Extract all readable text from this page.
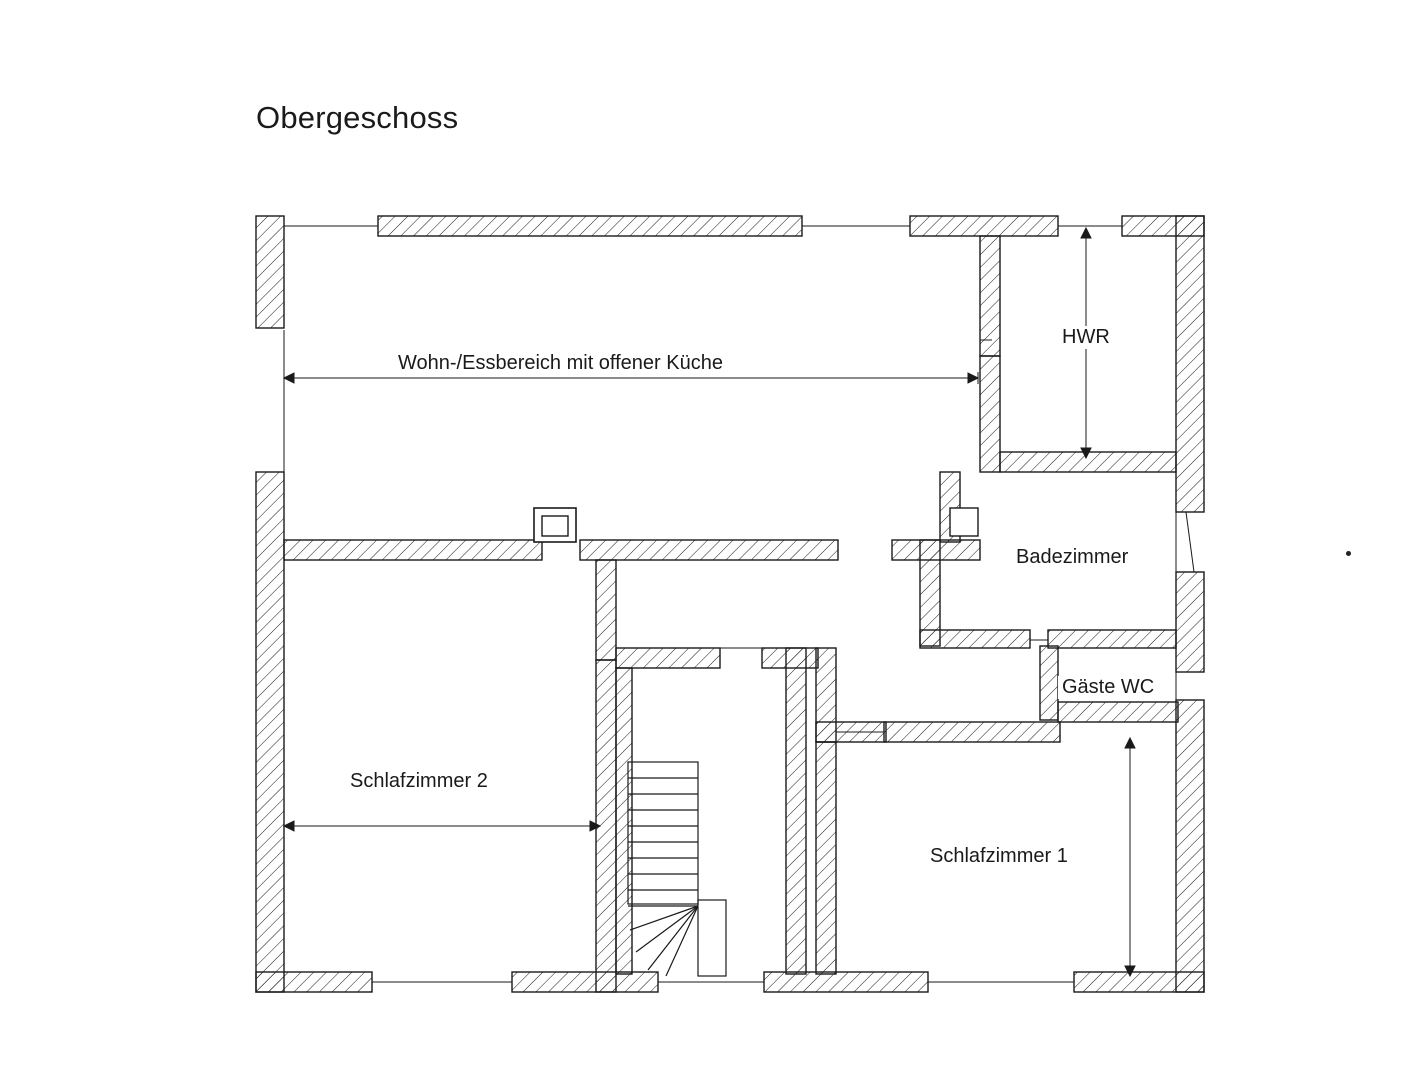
Obergeschoss
Wohn-/Essbereich mit offener Küche
HWR
Badezimmer
Gäste WC
Schlafzimmer 2
Schlafzimmer 1
